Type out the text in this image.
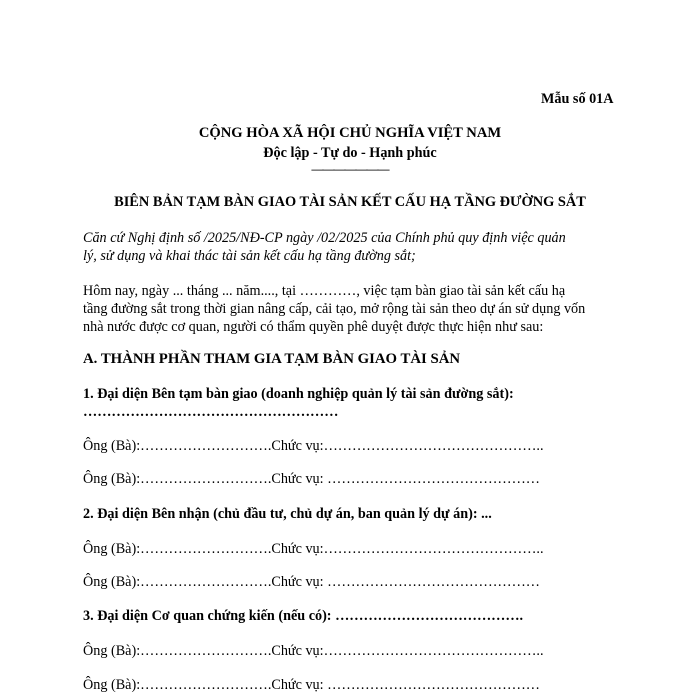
Mẫu số 01A
CỘNG HÒA XÃ HỘI CHỦ NGHĨA VIỆT NAM
Độc lập - Tự do - Hạnh phúc
———————
BIÊN BẢN TẠM BÀN GIAO TÀI SẢN KẾT CẤU HẠ TẦNG ĐƯỜNG SẮT
Căn cứ Nghị định số /2025/NĐ-CP ngày /02/2025 của Chính phủ quy định việc quản
lý, sử dụng và khai thác tài sản kết cấu hạ tầng đường sắt;
Hôm nay, ngày ... tháng ... năm...., tại …………, việc tạm bàn giao tài sản kết cấu hạ
tầng đường sắt trong thời gian nâng cấp, cải tạo, mở rộng tài sản theo dự án sử dụng vốn
nhà nước được cơ quan, người có thẩm quyền phê duyệt được thực hiện như sau:
A. THÀNH PHẦN THAM GIA TẠM BÀN GIAO TÀI SẢN
1. Đại diện Bên tạm bàn giao (doanh nghiệp quản lý tài sản đường sắt):
………………………………………………
Ông (Bà):……………………….Chức vụ:………………………………………..
Ông (Bà):……………………….Chức vụ: ………………………………………
2. Đại diện Bên nhận (chủ đầu tư, chủ dự án, ban quản lý dự án): ...
Ông (Bà):……………………….Chức vụ:………………………………………..
Ông (Bà):……………………….Chức vụ: ………………………………………
3. Đại diện Cơ quan chứng kiến (nếu có): ………………………………….
Ông (Bà):……………………….Chức vụ:………………………………………..
Ông (Bà):……………………….Chức vụ: ………………………………………
